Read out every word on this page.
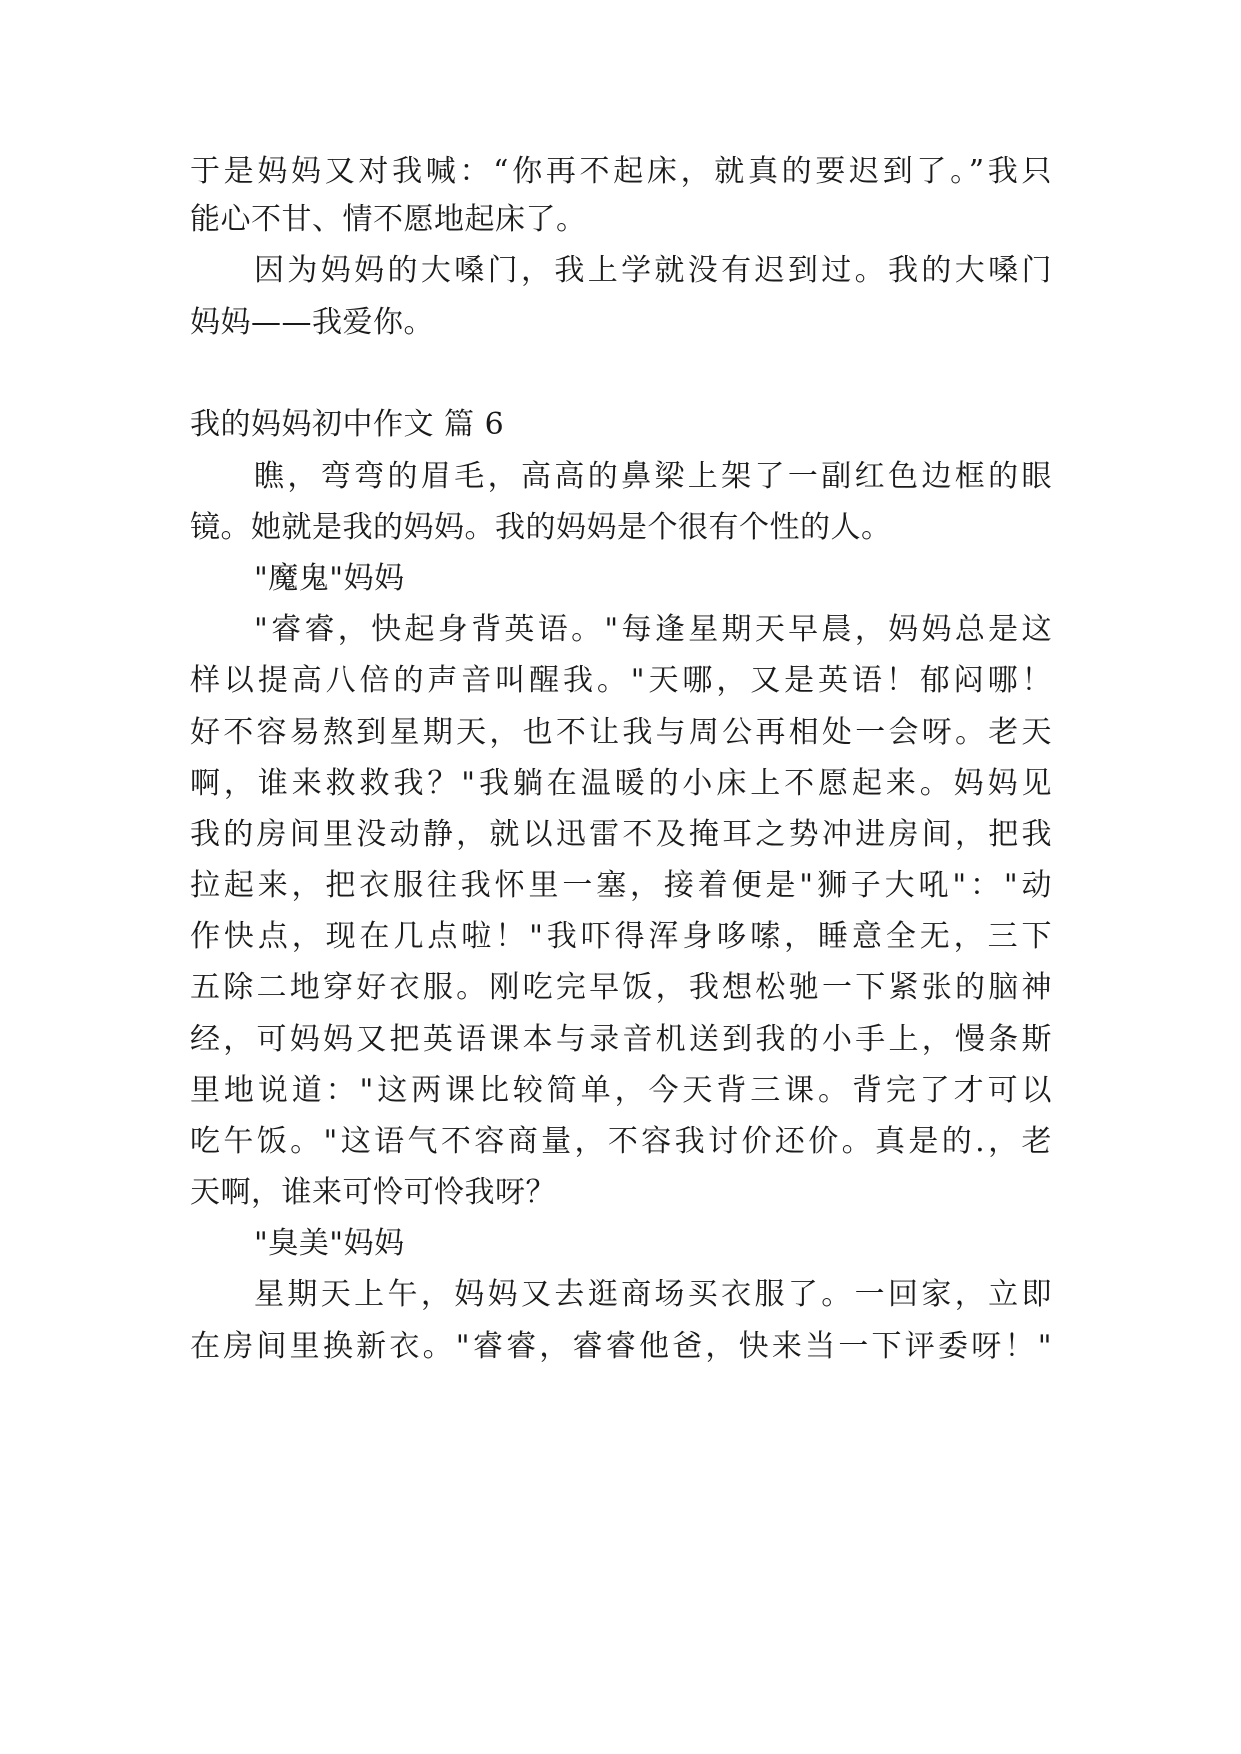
于是妈妈又对我喊：“你再不起床，就真的要迟到了。”我只
能心不甘、情不愿地起床了。
因为妈妈的大嗓门，我上学就没有迟到过。我的大嗓门
妈妈——我爱你。
我的妈妈初中作文 篇 6
瞧，弯弯的眉毛，高高的鼻梁上架了一副红色边框的眼
镜。她就是我的妈妈。我的妈妈是个很有个性的人。
"魔鬼"妈妈
"睿睿，快起身背英语。"每逢星期天早晨，妈妈总是这
样以提高八倍的声音叫醒我。"天哪，又是英语！郁闷哪！
好不容易熬到星期天，也不让我与周公再相处一会呀。老天
啊，谁来救救我？"我躺在温暖的小床上不愿起来。妈妈见
我的房间里没动静，就以迅雷不及掩耳之势冲进房间，把我
拉起来，把衣服往我怀里一塞，接着便是"狮子大吼"："动
作快点，现在几点啦！"我吓得浑身哆嗦，睡意全无，三下
五除二地穿好衣服。刚吃完早饭，我想松驰一下紧张的脑神
经，可妈妈又把英语课本与录音机送到我的小手上，慢条斯
里地说道："这两课比较简单，今天背三课。背完了才可以
吃午饭。"这语气不容商量，不容我讨价还价。真是的.，老
天啊，谁来可怜可怜我呀？
"臭美"妈妈
星期天上午，妈妈又去逛商场买衣服了。一回家，立即
在房间里换新衣。"睿睿，睿睿他爸，快来当一下评委呀！"
